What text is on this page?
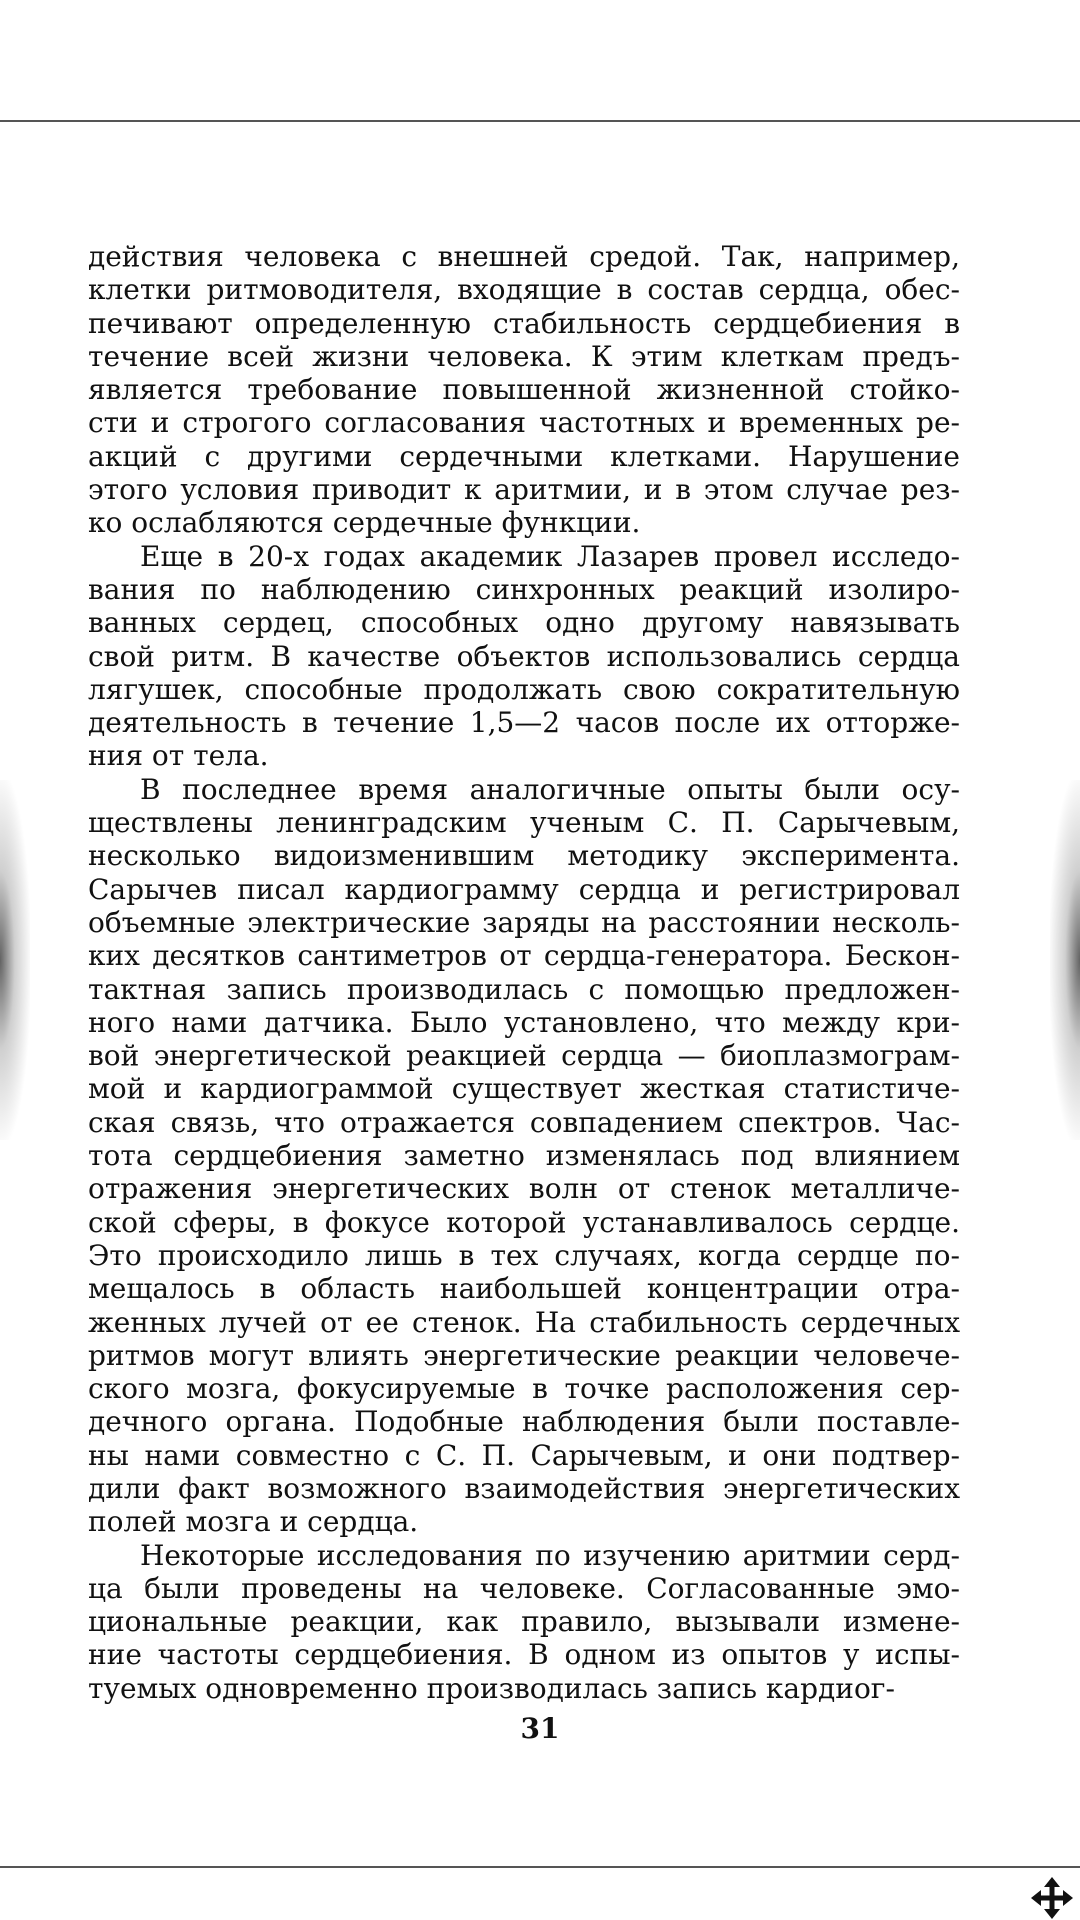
действия человека с внешней средой. Так, например,
клетки ритмоводителя, входящие в состав сердца, обес-
печивают определенную стабильность сердцебиения в
течение всей жизни человека. К этим клеткам предъ-
является требование повышенной жизненной стойко-
сти и строгого согласования частотных и временных ре-
акций с другими сердечными клетками. Нарушение
этого условия приводит к аритмии, и в этом случае рез-
ко ослабляются сердечные функции.
Еще в 20-х годах академик Лазарев провел исследо-
вания по наблюдению синхронных реакций изолиро-
ванных сердец, способных одно другому навязывать
свой ритм. В качестве объектов использовались сердца
лягушек, способные продолжать свою сократительную
деятельность в течение 1,5—2 часов после их отторже-
ния от тела.
В последнее время аналогичные опыты были осу-
ществлены ленинградским ученым С. П. Сарычевым,
несколько видоизменившим методику эксперимента.
Сарычев писал кардиограмму сердца и регистрировал
объемные электрические заряды на расстоянии несколь-
ких десятков сантиметров от сердца-генератора. Бескон-
тактная запись производилась с помощью предложен-
ного нами датчика. Было установлено, что между кри-
вой энергетической реакцией сердца — биоплазмограм-
мой и кардиограммой существует жесткая статистиче-
ская связь, что отражается совпадением спектров. Час-
тота сердцебиения заметно изменялась под влиянием
отражения энергетических волн от стенок металличе-
ской сферы, в фокусе которой устанавливалось сердце.
Это происходило лишь в тех случаях, когда сердце по-
мещалось в область наибольшей концентрации отра-
женных лучей от ее стенок. На стабильность сердечных
ритмов могут влиять энергетические реакции человече-
ского мозга, фокусируемые в точке расположения сер-
дечного органа. Подобные наблюдения были поставле-
ны нами совместно с С. П. Сарычевым, и они подтвер-
дили факт возможного взаимодействия энергетических
полей мозга и сердца.
Некоторые исследования по изучению аритмии серд-
ца были проведены на человеке. Согласованные эмо-
циональные реакции, как правило, вызывали измене-
ние частоты сердцебиения. В одном из опытов у испы-
туемых одновременно производилась запись кардиог-
31
